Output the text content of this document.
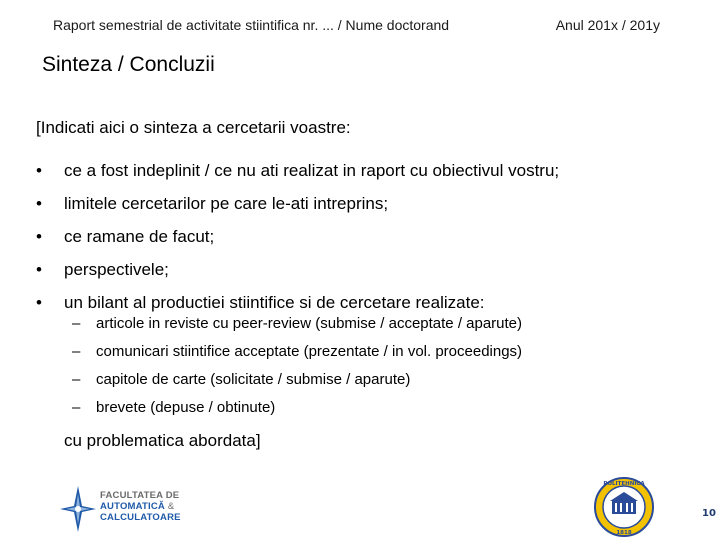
Raport semestrial de activitate stiintifica nr. ... / Nume doctorand	Anul 201x / 201y
Sinteza / Concluzii
[Indicati aici o sinteza a cercetarii voastre:
•	ce a fost indeplinit / ce nu ati realizat in raport cu obiectivul vostru;
•	limitele cercetarilor pe care le-ati intreprins;
•	ce ramane de facut;
•	perspectivele;
•	un bilant al productiei stiintifice si de cercetare realizate:
–	articole in reviste cu peer-review (submise / acceptate / aparute)
–	comunicari stiintifice acceptate (prezentate / in vol. proceedings)
–	capitole de carte (solicitate / submise / aparute)
–	brevete (depuse / obtinute)
cu problematica abordata]
FACULTATEA DE
AUTOMATICĂ &
CALCULATOARE
POLITEHNICA
1818
10
